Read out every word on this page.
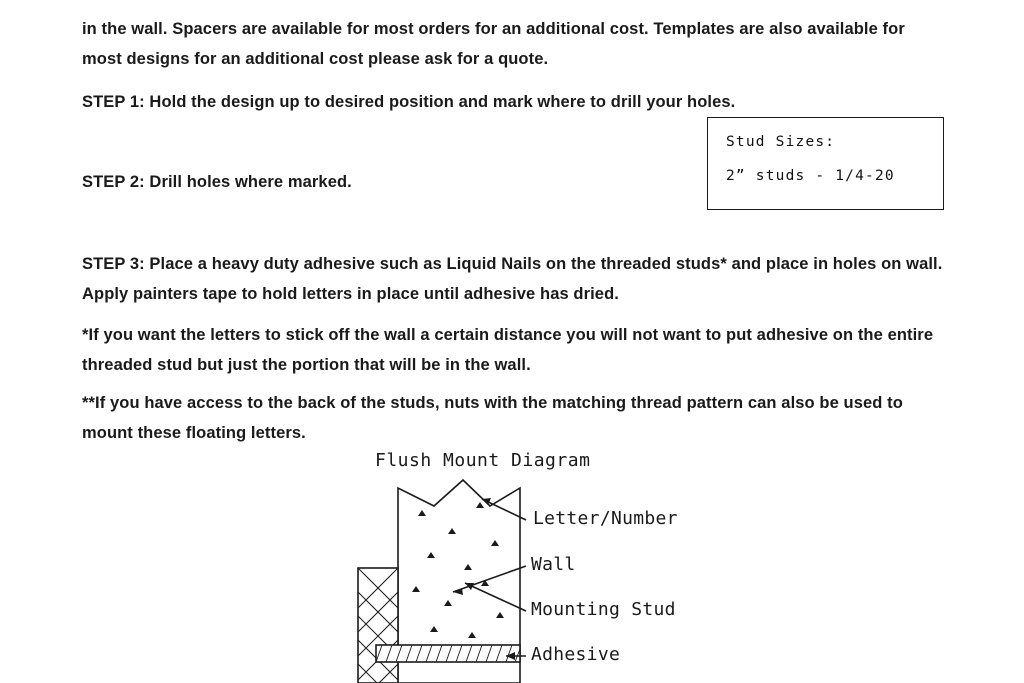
in the wall. Spacers are available for most orders for an additional cost. Templates are also available for most designs for an additional cost please ask for a quote.

STEP 1: Hold the design up to desired position and mark where to drill your holes.

STEP 2: Drill holes where marked.

STEP 3: Place a heavy duty adhesive such as Liquid Nails on the threaded studs* and place in holes on wall. Apply painters tape to hold letters in place until adhesive has dried.

*If you want the letters to stick off the wall a certain distance you will not want to put adhesive on the entire threaded stud but just the portion that will be in the wall.

**If you have access to the back of the studs, nuts with the matching thread pattern can also be used to mount these floating letters.

Stud Sizes:
2” studs - 1/4-20
Flush Mount Diagram
Letter/Number
Wall
Mounting Stud
Adhesive
